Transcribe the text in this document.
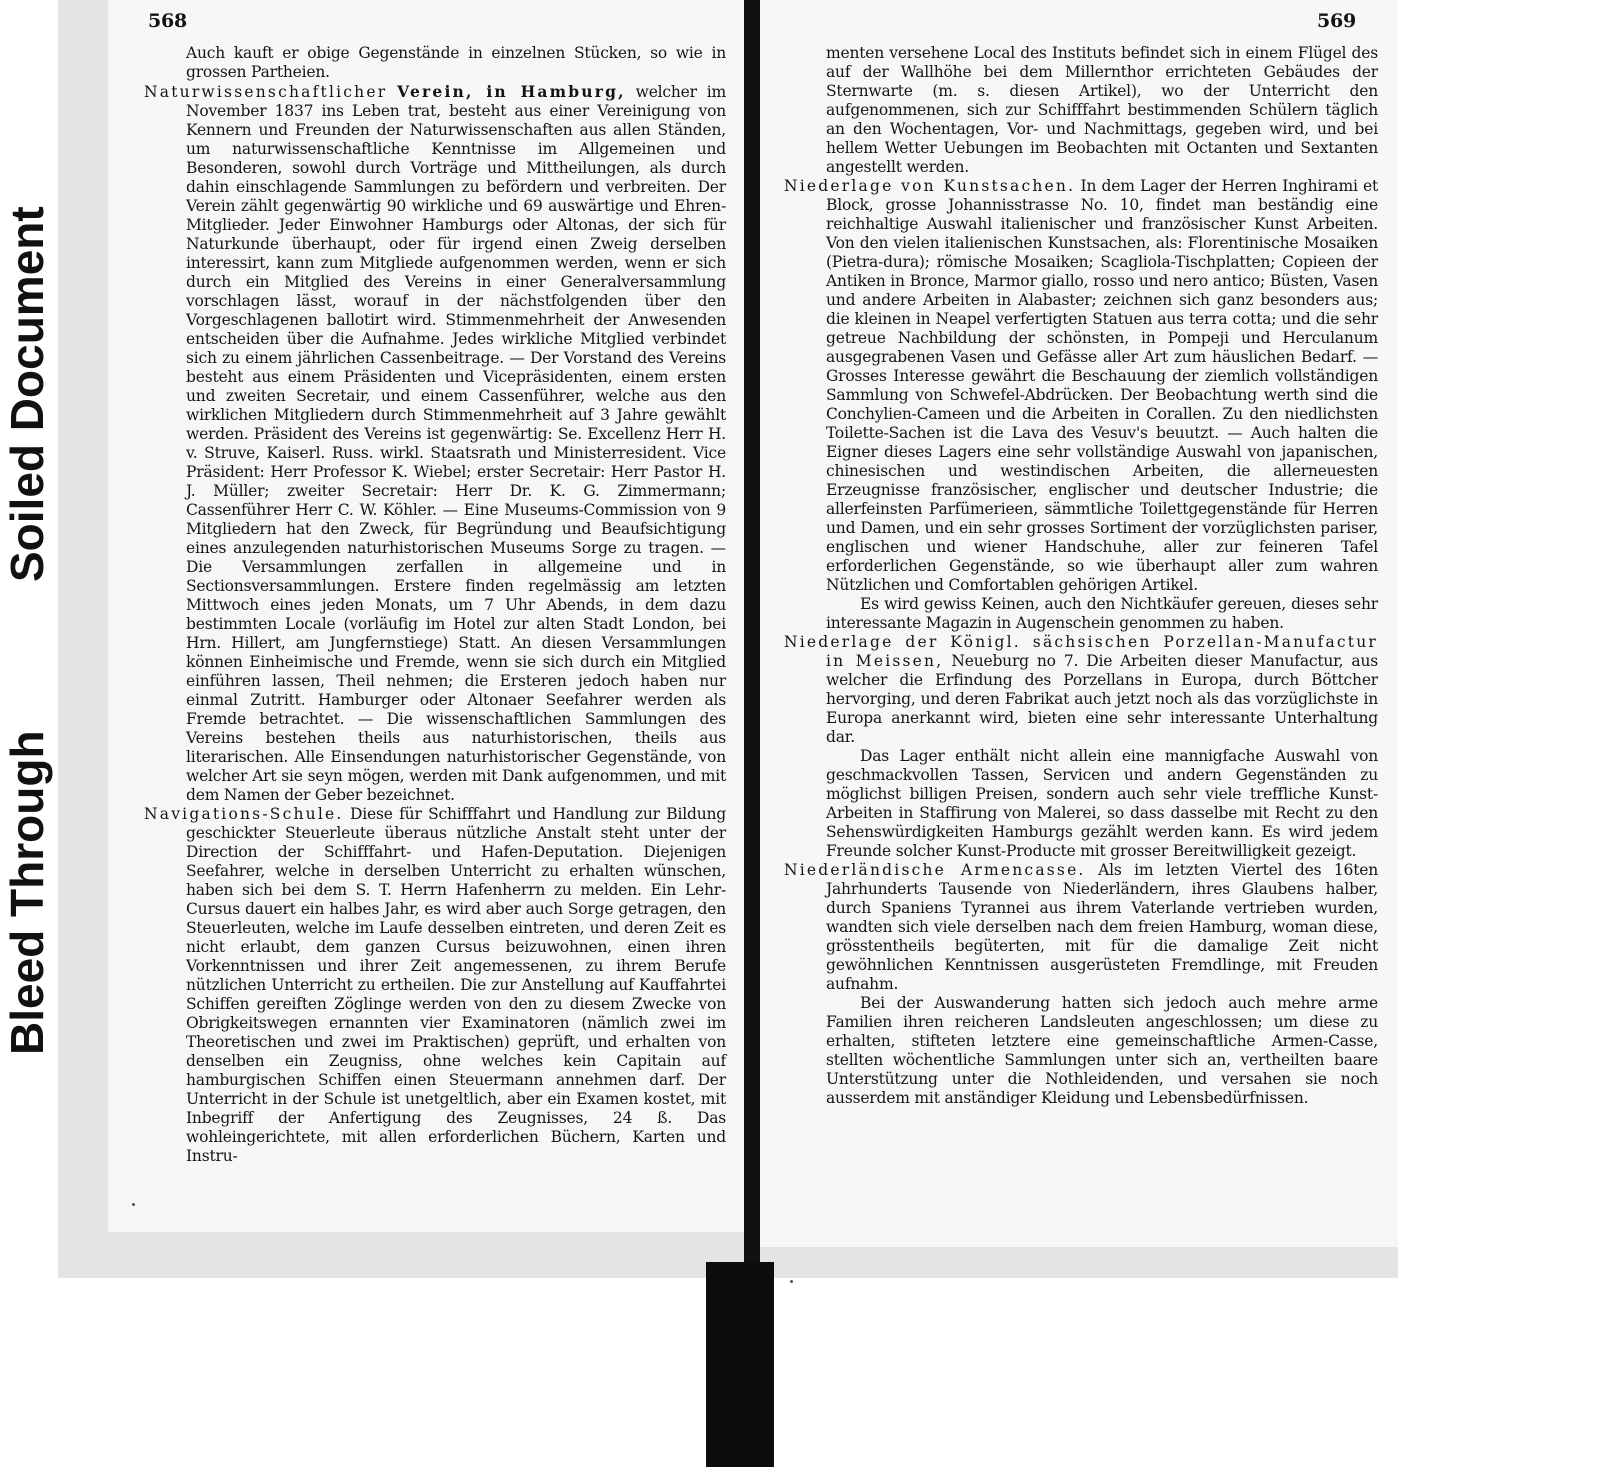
Soiled Document
Bleed Through
568

Auch kauft er obige Gegenstände in einzelnen Stücken, so wie in grossen Partheien.

Naturwissenschaftlicher Verein, in Hamburg, welcher im November 1837 ins Leben trat, besteht aus einer Vereinigung von Kennern und Freunden der Naturwissenschaften aus allen Ständen, um naturwissenschaftliche Kenntnisse im Allgemeinen und Besonderen, sowohl durch Vorträge und Mittheilungen, als durch dahin einschlagende Sammlungen zu befördern und verbreiten. Der Verein zählt gegenwärtig 90 wirkliche und 69 auswärtige und Ehren-Mitglieder. Jeder Einwohner Hamburgs oder Altonas, der sich für Naturkunde überhaupt, oder für irgend einen Zweig derselben interessirt, kann zum Mitgliede aufgenommen werden, wenn er sich durch ein Mitglied des Vereins in einer Generalversammlung vorschlagen lässt, worauf in der nächstfolgenden über den Vorgeschlagenen ballotirt wird. Stimmenmehrheit der Anwesenden entscheiden über die Aufnahme. Jedes wirkliche Mitglied verbindet sich zu einem jährlichen Cassenbeitrage. — Der Vorstand des Vereins besteht aus einem Präsidenten und Vicepräsidenten, einem ersten und zweiten Secretair, und einem Cassenführer, welche aus den wirklichen Mitgliedern durch Stimmenmehrheit auf 3 Jahre gewählt werden. Präsident des Vereins ist gegenwärtig: Se. Excellenz Herr H. v. Struve, Kaiserl. Russ. wirkl. Staatsrath und Ministerresident. Vice Präsident: Herr Professor K. Wiebel; erster Secretair: Herr Pastor H. J. Müller; zweiter Secretair: Herr Dr. K. G. Zimmermann; Cassenführer Herr C. W. Köhler. — Eine Museums-Commission von 9 Mitgliedern hat den Zweck, für Begründung und Beaufsichtigung eines anzulegenden naturhistorischen Museums Sorge zu tragen. — Die Versammlungen zerfallen in allgemeine und in Sectionsversammlungen. Erstere finden regelmässig am letzten Mittwoch eines jeden Monats, um 7 Uhr Abends, in dem dazu bestimmten Locale (vorläufig im Hotel zur alten Stadt London, bei Hrn. Hillert, am Jungfernstiege) Statt. An diesen Versammlungen können Einheimische und Fremde, wenn sie sich durch ein Mitglied einführen lassen, Theil nehmen; die Ersteren jedoch haben nur einmal Zutritt. Hamburger oder Altonaer Seefahrer werden als Fremde betrachtet. — Die wissenschaftlichen Sammlungen des Vereins bestehen theils aus naturhistorischen, theils aus literarischen. Alle Einsendungen naturhistorischer Gegenstände, von welcher Art sie seyn mögen, werden mit Dank aufgenommen, und mit dem Namen der Geber bezeichnet.

Navigations-Schule. Diese für Schifffahrt und Handlung zur Bildung geschickter Steuerleute überaus nützliche Anstalt steht unter der Direction der Schifffahrt- und Hafen-Deputation. Diejenigen Seefahrer, welche in derselben Unterricht zu erhalten wünschen, haben sich bei dem S. T. Herrn Hafenherrn zu melden. Ein Lehr-Cursus dauert ein halbes Jahr, es wird aber auch Sorge getragen, den Steuerleuten, welche im Laufe desselben eintreten, und deren Zeit es nicht erlaubt, dem ganzen Cursus beizuwohnen, einen ihren Vorkenntnissen und ihrer Zeit angemessenen, zu ihrem Berufe nützlichen Unterricht zu ertheilen. Die zur Anstellung auf Kauffahrtei Schiffen gereiften Zöglinge werden von den zu diesem Zwecke von Obrigkeitswegen ernannten vier Examinatoren (nämlich zwei im Theoretischen und zwei im Praktischen) geprüft, und erhalten von denselben ein Zeugniss, ohne welches kein Capitain auf hamburgischen Schiffen einen Steuermann annehmen darf. Der Unterricht in der Schule ist unetgeltlich, aber ein Examen kostet, mit Inbegriff der Anfertigung des Zeugnisses, 24 ß. Das wohleingerichtete, mit allen erforderlichen Büchern, Karten und Instru-

569

menten versehene Local des Instituts befindet sich in einem Flügel des auf der Wallhöhe bei dem Millernthor errichteten Gebäudes der Sternwarte (m. s. diesen Artikel), wo der Unterricht den aufgenommenen, sich zur Schifffahrt bestimmenden Schülern täglich an den Wochentagen, Vor- und Nachmittags, gegeben wird, und bei hellem Wetter Uebungen im Beobachten mit Octanten und Sextanten angestellt werden.

Niederlage von Kunstsachen. In dem Lager der Herren Inghirami et Block, grosse Johannisstrasse No. 10, findet man beständig eine reichhaltige Auswahl italienischer und französischer Kunst Arbeiten. Von den vielen italienischen Kunstsachen, als: Florentinische Mosaiken (Pietra-dura); römische Mosaiken; Scagliola-Tischplatten; Copieen der Antiken in Bronce, Marmor giallo, rosso und nero antico; Büsten, Vasen und andere Arbeiten in Alabaster; zeichnen sich ganz besonders aus; die kleinen in Neapel verfertigten Statuen aus terra cotta; und die sehr getreue Nachbildung der schönsten, in Pompeji und Herculanum ausgegrabenen Vasen und Gefässe aller Art zum häuslichen Bedarf. — Grosses Interesse gewährt die Beschauung der ziemlich vollständigen Sammlung von Schwefel-Abdrücken. Der Beobachtung werth sind die Conchylien-Cameen und die Arbeiten in Corallen. Zu den niedlichsten Toilette-Sachen ist die Lava des Vesuv's beuutzt. — Auch halten die Eigner dieses Lagers eine sehr vollständige Auswahl von japanischen, chinesischen und westindischen Arbeiten, die allerneuesten Erzeugnisse französischer, englischer und deutscher Industrie; die allerfeinsten Parfümerieen, sämmtliche Toilettgegenstände für Herren und Damen, und ein sehr grosses Sortiment der vorzüglichsten pariser, englischen und wiener Handschuhe, aller zur feineren Tafel erforderlichen Gegenstände, so wie überhaupt aller zum wahren Nützlichen und Comfortablen gehörigen Artikel.

Es wird gewiss Keinen, auch den Nichtkäufer gereuen, dieses sehr interessante Magazin in Augenschein genommen zu haben.

Niederlage der Königl. sächsischen Porzellan-Manufactur in Meissen, Neueburg no 7. Die Arbeiten dieser Manufactur, aus welcher die Erfindung des Porzellans in Europa, durch Böttcher hervorging, und deren Fabrikat auch jetzt noch als das vorzüglichste in Europa anerkannt wird, bieten eine sehr interessante Unterhaltung dar.

Das Lager enthält nicht allein eine mannigfache Auswahl von geschmackvollen Tassen, Servicen und andern Gegenständen zu möglichst billigen Preisen, sondern auch sehr viele treffliche Kunst-Arbeiten in Staffirung von Malerei, so dass dasselbe mit Recht zu den Sehenswürdigkeiten Hamburgs gezählt werden kann. Es wird jedem Freunde solcher Kunst-Producte mit grosser Bereitwilligkeit gezeigt.

Niederländische Armencasse. Als im letzten Viertel des 16ten Jahrhunderts Tausende von Niederländern, ihres Glaubens halber, durch Spaniens Tyrannei aus ihrem Vaterlande vertrieben wurden, wandten sich viele derselben nach dem freien Hamburg, woman diese, grösstentheils begüterten, mit für die damalige Zeit nicht gewöhnlichen Kenntnissen ausgerüsteten Fremdlinge, mit Freuden aufnahm.

Bei der Auswanderung hatten sich jedoch auch mehre arme Familien ihren reicheren Landsleuten angeschlossen; um diese zu erhalten, stifteten letztere eine gemeinschaftliche Armen-Casse, stellten wöchentliche Sammlungen unter sich an, vertheilten baare Unterstützung unter die Nothleidenden, und versahen sie noch ausserdem mit anständiger Kleidung und Lebensbedürfnissen.
